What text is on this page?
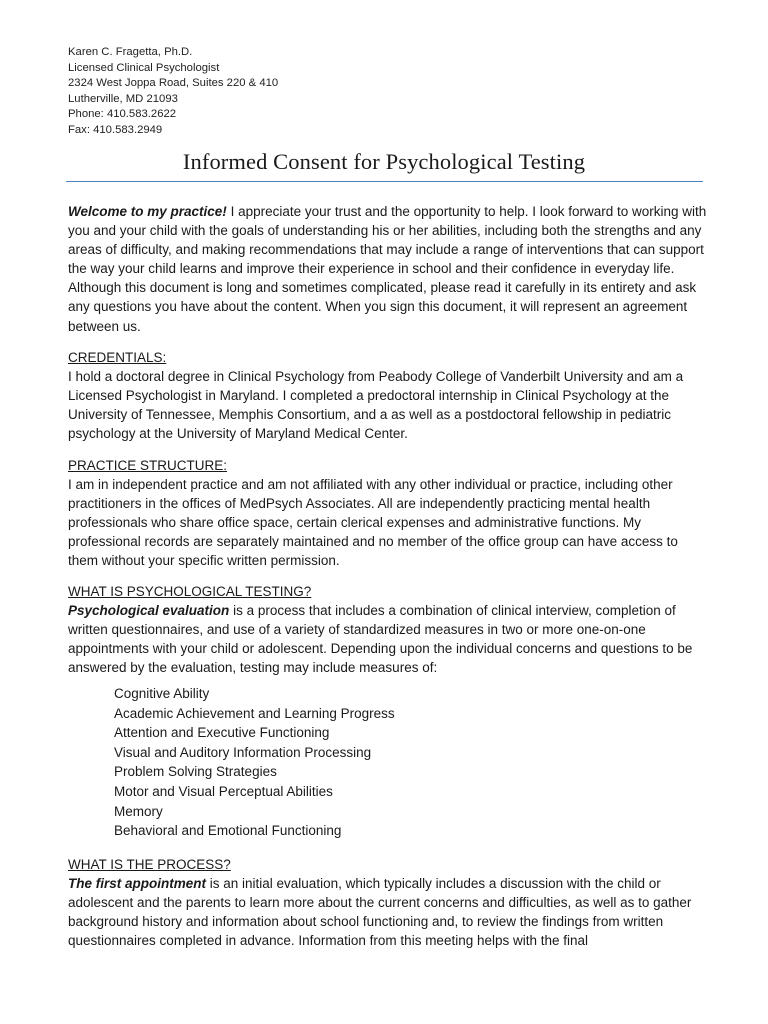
Karen C. Fragetta, Ph.D.
Licensed Clinical Psychologist
2324 West Joppa Road, Suites 220 & 410
Lutherville, MD 21093
Phone: 410.583.2622
Fax: 410.583.2949
Informed Consent for Psychological Testing

Welcome to my practice! I appreciate your trust and the opportunity to help. I look forward to working with you and your child with the goals of understanding his or her abilities, including both the strengths and any areas of difficulty, and making recommendations that may include a range of interventions that can support the way your child learns and improve their experience in school and their confidence in everyday life. Although this document is long and sometimes complicated, please read it carefully in its entirety and ask any questions you have about the content. When you sign this document, it will represent an agreement between us.

CREDENTIALS:
I hold a doctoral degree in Clinical Psychology from Peabody College of Vanderbilt University and am a Licensed Psychologist in Maryland. I completed a predoctoral internship in Clinical Psychology at the University of Tennessee, Memphis Consortium, and a as well as a postdoctoral fellowship in pediatric psychology at the University of Maryland Medical Center.
PRACTICE STRUCTURE:
I am in independent practice and am not affiliated with any other individual or practice, including other practitioners in the offices of MedPsych Associates. All are independently practicing mental health professionals who share office space, certain clerical expenses and administrative functions. My professional records are separately maintained and no member of the office group can have access to them without your specific written permission.
WHAT IS PSYCHOLOGICAL TESTING?
Psychological evaluation is a process that includes a combination of clinical interview, completion of written questionnaires, and use of a variety of standardized measures in two or more one-on-one appointments with your child or adolescent. Depending upon the individual concerns and questions to be answered by the evaluation, testing may include measures of:
Cognitive Ability
Academic Achievement and Learning Progress
Attention and Executive Functioning
Visual and Auditory Information Processing
Problem Solving Strategies
Motor and Visual Perceptual Abilities
Memory
Behavioral and Emotional Functioning
WHAT IS THE PROCESS?
The first appointment is an initial evaluation, which typically includes a discussion with the child or adolescent and the parents to learn more about the current concerns and difficulties, as well as to gather background history and information about school functioning and, to review the findings from written questionnaires completed in advance. Information from this meeting helps with the final
